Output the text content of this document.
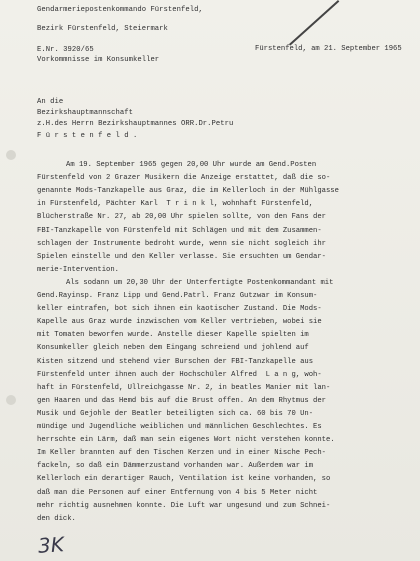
Gendarmeriepostenkommando Fürstenfeld,
Bezirk Fürstenfeld, Steiermark
E.Nr. 3920/65	Fürstenfeld, am 21. September 1965
Vorkommnisse im Konsumkeller
An die
Bezirkshauptmannschaft
z.H.des Herrn Bezirkshauptmannes ORR.Dr.Petru
F ü r s t e n f e l d .
Am 19. September 1965 gegen 20,00 Uhr wurde am Gend.Posten
Fürstenfeld von 2 Grazer Musikern die Anzeige erstattet, daß die so-
genannte Mods-Tanzkapelle aus Graz, die im Kellerloch in der Mühlgasse
in Fürstenfeld, Pächter Karl  T r i n k l, wohnhaft Fürstenfeld,
Blücherstraße Nr. 27, ab 20,00 Uhr spielen sollte, von den Fans der
FBI-Tanzkapelle von Fürstenfeld mit Schlägen und mit dem Zusammen-
schlagen der Instrumente bedroht wurde, wenn sie nicht sogleich ihr
Spielen einstelle und den Keller verlasse. Sie ersuchten um Gendar-
merie-Intervention.
Als sodann um 20,30 Uhr der Unterfertigte Postenkommandant mit
Gend.Rayinsp. Franz Lipp und Gend.Patrl. Franz Gutzwar im Konsum-
keller eintrafen, bot sich ihnen ein kaotischer Zustand. Die Mods-
Kapelle aus Graz wurde inzwischen vom Keller vertrieben, wobei sie
mit Tomaten beworfen wurde. Anstelle dieser Kapelle spielten im
Konsumkeller gleich neben dem Eingang schreiend und johlend auf
Kisten sitzend und stehend vier Burschen der FBI-Tanzkapelle aus
Fürstenfeld unter ihnen auch der Hochschüler Alfred  L a n g, woh-
haft in Fürstenfeld, Ullreichgasse Nr. 2, in beatles Manier mit lan-
gen Haaren und das Hemd bis auf die Brust offen. An dem Rhytmus der
Musik und Gejohle der Beatler beteiligten sich ca. 60 bis 70 Un-
mündige und Jugendliche weiblichen und männlichen Geschlechtes. Es
herrschte ein Lärm, daß man sein eigenes Wort nicht verstehen konnte.
Im Keller brannten auf den Tischen Kerzen und in einer Nische Pech-
fackeln, so daß ein Dämmerzustand vorhanden war. Außerdem war im
Kellerloch ein derartiger Rauch, Ventilation ist keine vorhanden, so
daß man die Personen auf einer Entfernung von 4 bis 5 Meter nicht
mehr richtig ausnehmen konnte. Die Luft war ungesund und zum Schnei-
den dick.
3K
